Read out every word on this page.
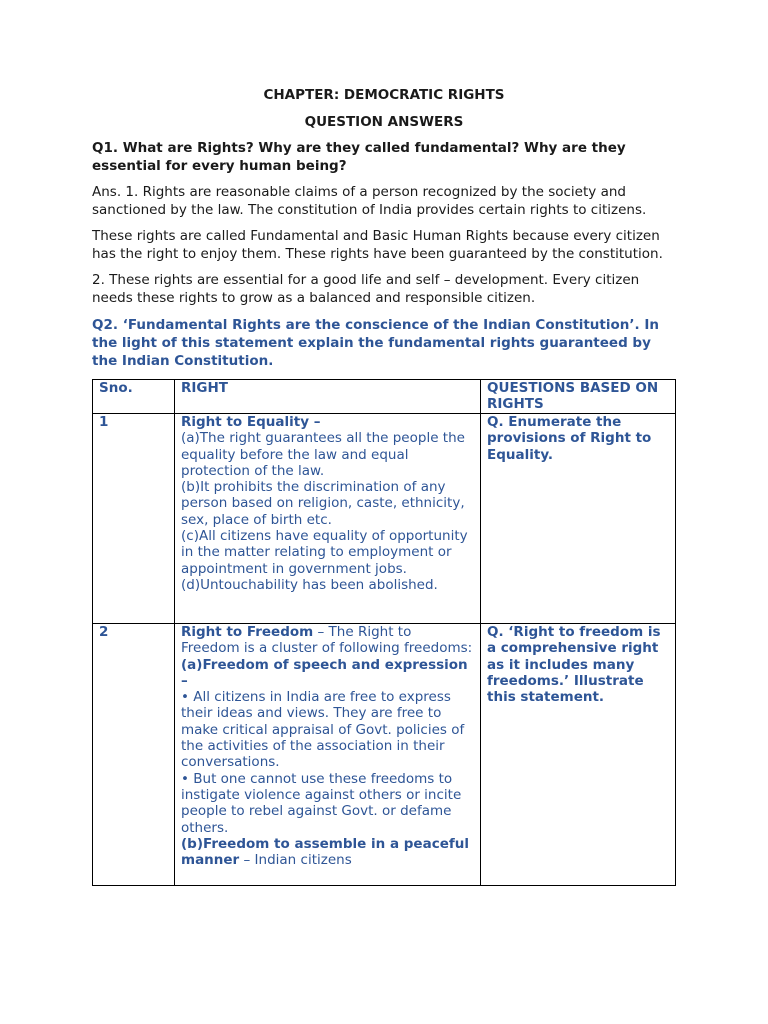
CHAPTER: DEMOCRATIC RIGHTS

QUESTION ANSWERS

Q1. What are Rights? Why are they called fundamental? Why are they essential for every human being?
Ans. 1. Rights are reasonable claims of a person recognized by the society and sanctioned by the law. The constitution of India provides certain rights to citizens.
These rights are called Fundamental and Basic Human Rights because every citizen has the right to enjoy them. These rights have been guaranteed by the constitution.
2. These rights are essential for a good life and self – development. Every citizen needs these rights to grow as a balanced and responsible citizen.
Q2. ‘Fundamental Rights are the conscience of the Indian Constitution’. In the light of this statement explain the fundamental rights guaranteed by the Indian Constitution.
Sno.	RIGHT	QUESTIONS BASED ON RIGHTS
1	Right to Equality –
(a)The right guarantees all the people the equality before the law and equal protection of the law.
(b)It prohibits the discrimination of any person based on religion, caste, ethnicity, sex, place of birth etc.
(c)All citizens have equality of opportunity in the matter relating to employment or appointment in government jobs.
(d)Untouchability has been abolished.	Q. Enumerate the provisions of Right to Equality.
2	Right to Freedom – The Right to Freedom is a cluster of following freedoms:
(a)Freedom of speech and expression –
• All citizens in India are free to express their ideas and views. They are free to make critical appraisal of Govt. policies of the activities of the association in their conversations.
• But one cannot use these freedoms to instigate violence against others or incite people to rebel against Govt. or defame others.
(b)Freedom to assemble in a peaceful manner – Indian citizens	Q. ‘Right to freedom is a comprehensive right as it includes many freedoms.’ Illustrate this statement.
